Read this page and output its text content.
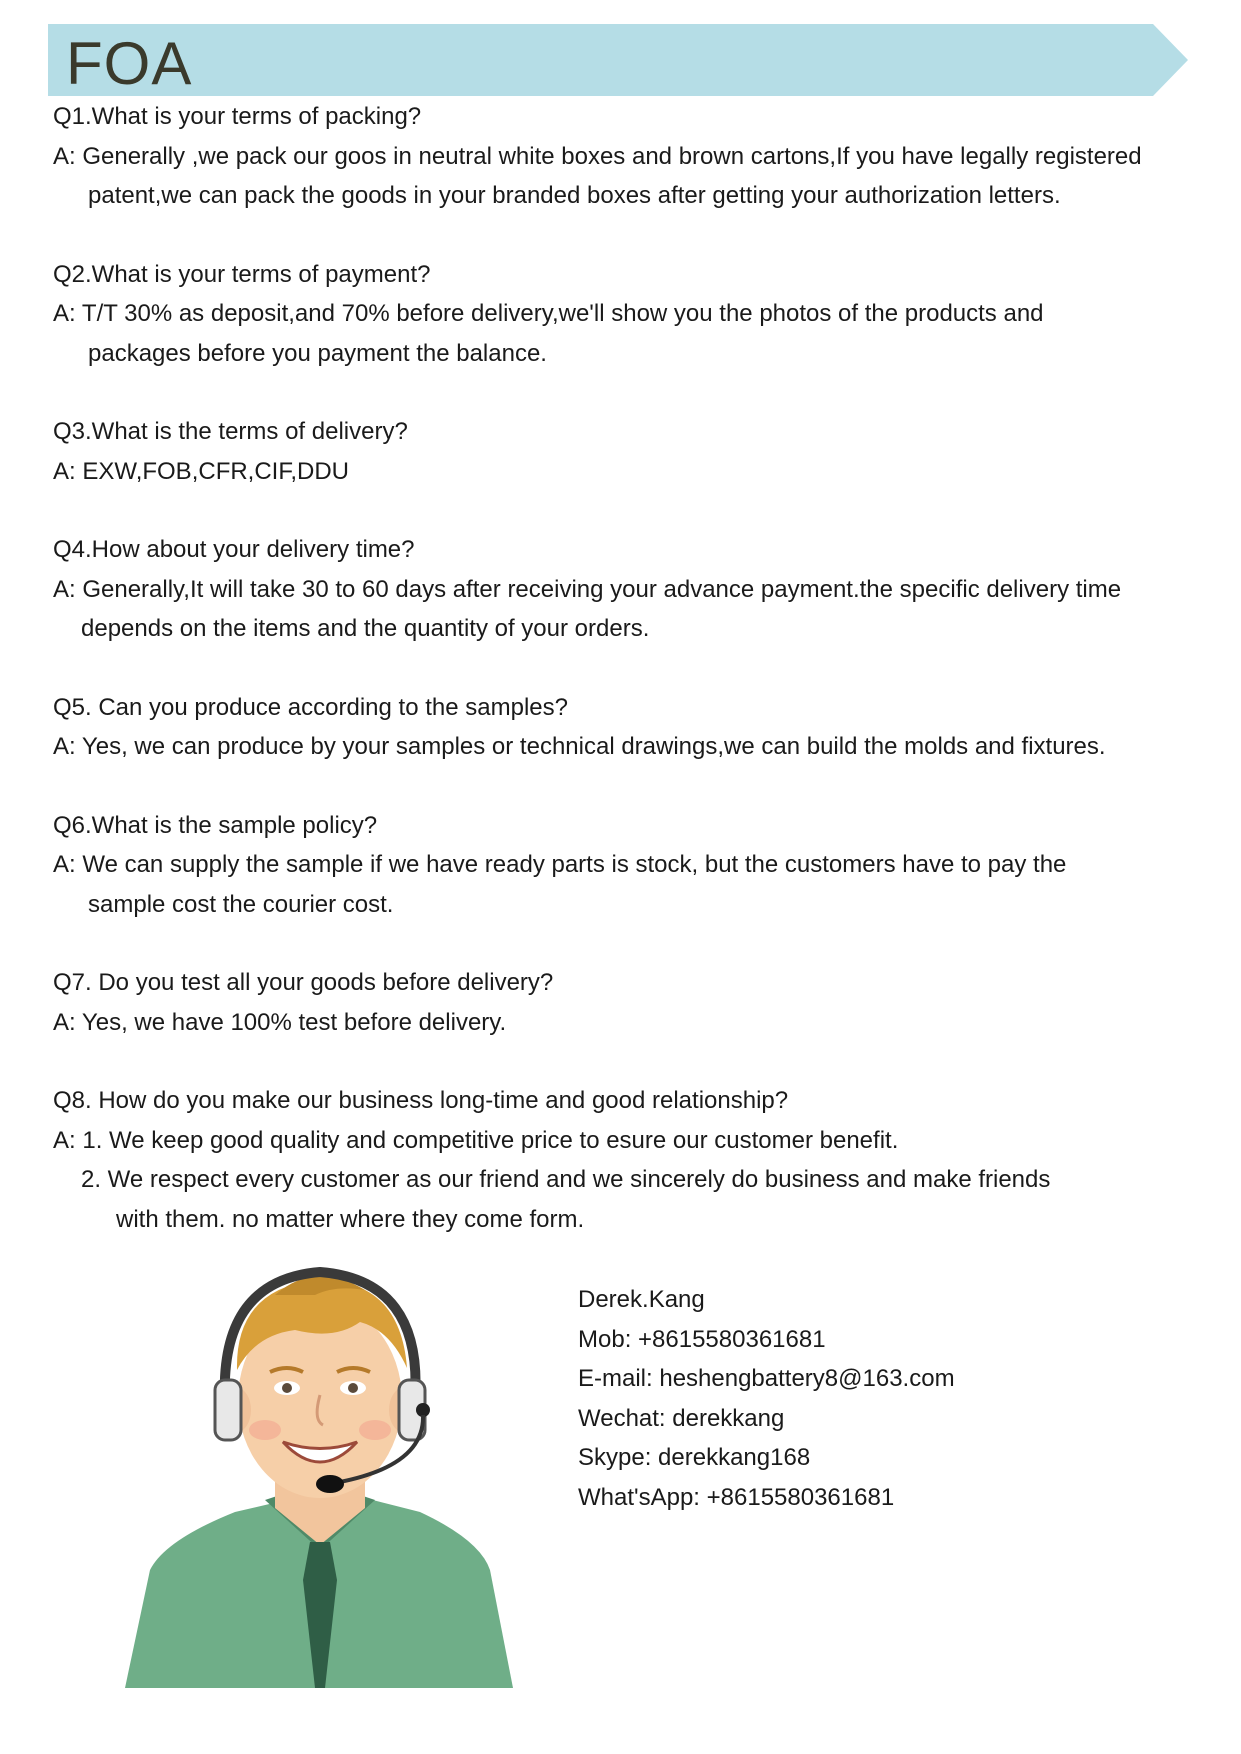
FOA
Q1.What is your terms of packing?
A: Generally ,we pack our goos in neutral white boxes and brown cartons,If you have legally registered
patent,we can pack the goods in your branded boxes after getting your authorization letters.
Q2.What is your terms of payment?
A: T/T 30% as deposit,and 70% before delivery,we'll show you the photos of the products and
packages before you payment the balance.
Q3.What is the terms of delivery?
A: EXW,FOB,CFR,CIF,DDU
Q4.How about your delivery time?
A: Generally,It will take 30 to 60 days after receiving your advance payment.the specific delivery time
depends on the items and the quantity of your orders.
Q5. Can you produce according to the samples?
A: Yes, we can produce by your samples or technical drawings,we can build the molds and fixtures.
Q6.What is the sample policy?
A: We can supply the sample if we have ready parts is stock, but the customers have to pay the
sample cost the courier cost.
Q7. Do you test all your goods before delivery?
A: Yes, we have 100% test before delivery.
Q8. How do you make our business long-time and good relationship?
A: 1. We keep good quality and competitive price to esure our customer benefit.
2. We respect every customer as our friend and we sincerely do business and make friends
with them. no matter where they come form.
Derek.Kang
Mob: +8615580361681
E-mail: heshengbattery8@163.com
Wechat: derekkang
Skype: derekkang168
What'sApp: +8615580361681
